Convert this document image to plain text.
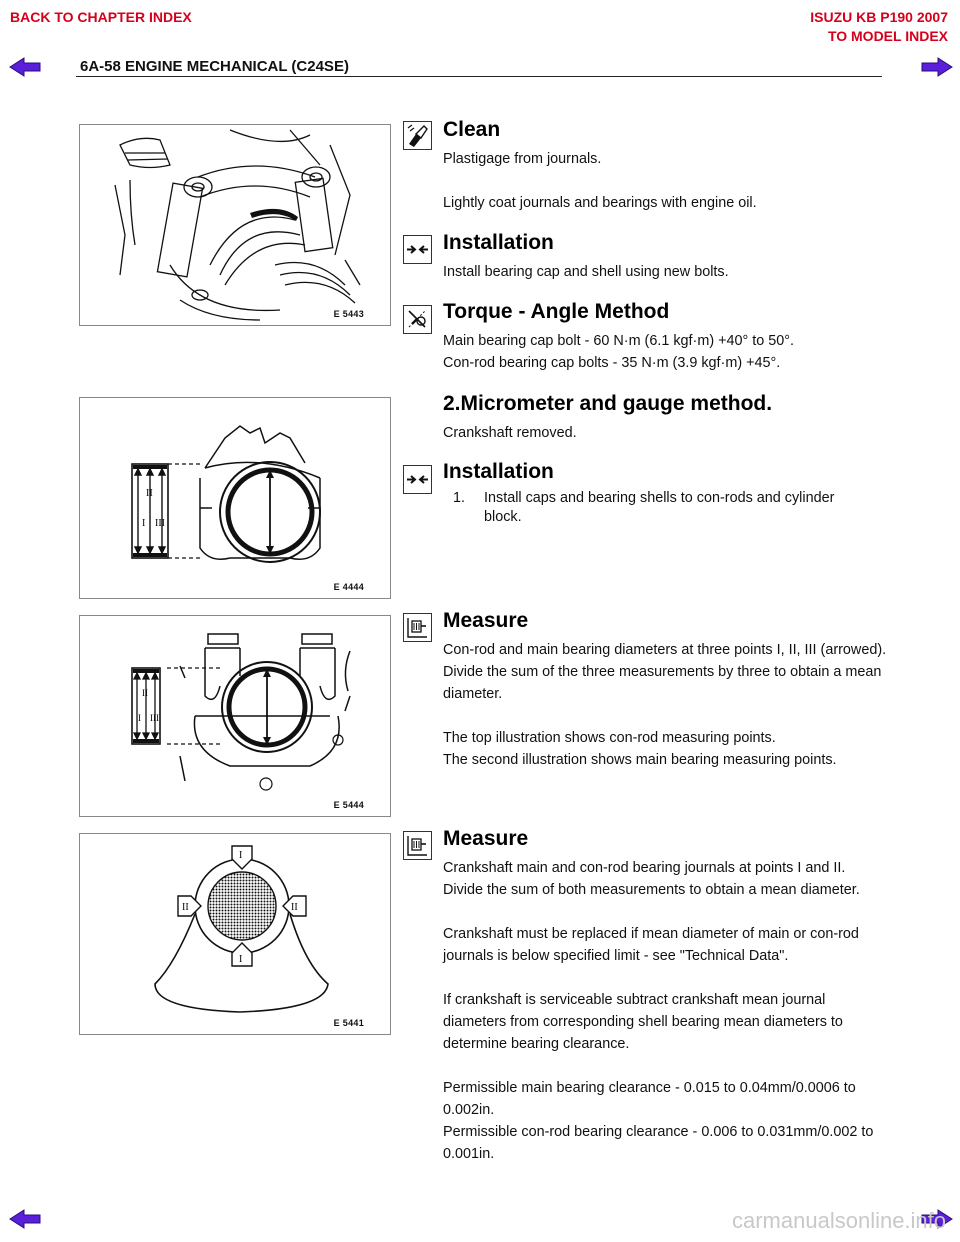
BACK TO CHAPTER INDEX	ISUZU KB P190 2007
TO MODEL INDEX
6A-58 ENGINE MECHANICAL (C24SE)
E 5443
Clean

Plastigage from journals.

Lightly coat journals and bearings with engine oil.

Installation

Install bearing cap and shell using new bolts.

Torque - Angle Method

Main bearing cap bolt - 60 N·m (6.1 kgf·m) +40° to 50°.

Con-rod bearing cap bolts - 35 N·m (3.9 kgf·m) +45°.

I
II
III
E 4444
2.Micrometer and gauge method.

Crankshaft removed.

Installation
1. Install caps and bearing shells to con-rods and cylinder block.
I
II
III
E 5444
Measure

Con-rod and main bearing diameters at three points I, II, III (arrowed).

Divide the sum of the three measurements by three to obtain a mean diameter.

The top illustration shows con-rod measuring points.

The second illustration shows main bearing measuring points.

I
I
II	II
E 5441
Measure

Crankshaft main and con-rod bearing journals at points I and II. Divide the sum of both measurements to obtain a mean diameter.

Crankshaft must be replaced if mean diameter of main or con-rod journals is below specified limit - see "Technical Data".

If crankshaft is serviceable subtract crankshaft mean journal diameters from corresponding shell bearing mean diameters to determine bearing clearance.

Permissible main bearing clearance - 0.015 to 0.04mm/0.0006 to 0.002in.

Permissible con-rod bearing clearance - 0.006 to 0.031mm/0.002 to 0.001in.

carmanualsonline.info
